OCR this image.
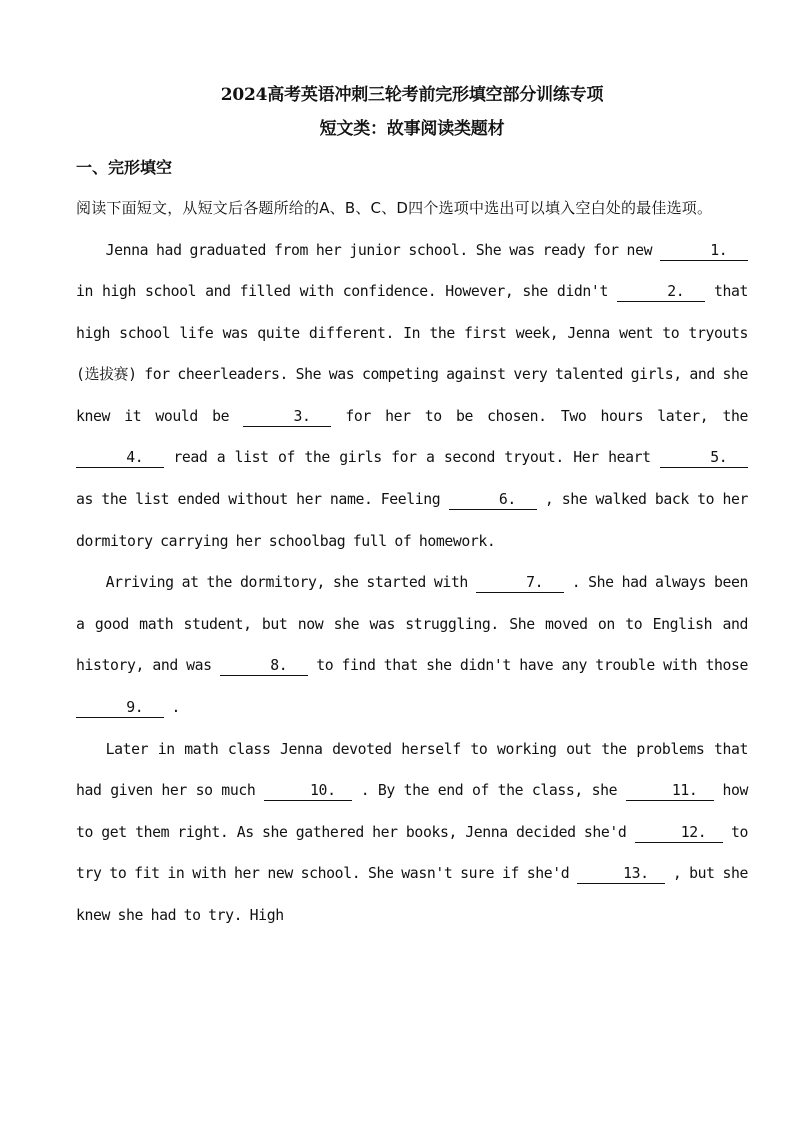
2024高考英语冲刺三轮考前完形填空部分训练专项
短文类：故事阅读类题材
一、完形填空
阅读下面短文，从短文后各题所给的A、B、C、D四个选项中选出可以填入空白处的最佳选项。

Jenna had graduated from her junior school. She was ready for new	1. in high school and filled with confidence. However, she didn't	2. that high school life was quite different. In the first week, Jenna went to tryouts (选拔赛) for cheerleaders. She was competing against very talented girls, and she knew it would be	3. for her to be chosen. Two hours later, the 4. read a list of the girls for a second tryout. Her heart	5. as the list ended without her name. Feeling	6. , she walked back to her dormitory carrying her schoolbag full of homework.

Arriving at the dormitory, she started with	7. . She had always been a good math student, but now she was struggling. She moved on to English and history, and was	8. to find that she didn't have any trouble with those 9. .

Later in math class Jenna devoted herself to working out the problems that had given her so much	10. . By the end of the class, she	11. how to get them right. As she gathered her books, Jenna decided she'd	12. to try to fit in with her new school. She wasn't sure if she'd	13. , but she knew she had to try. High
